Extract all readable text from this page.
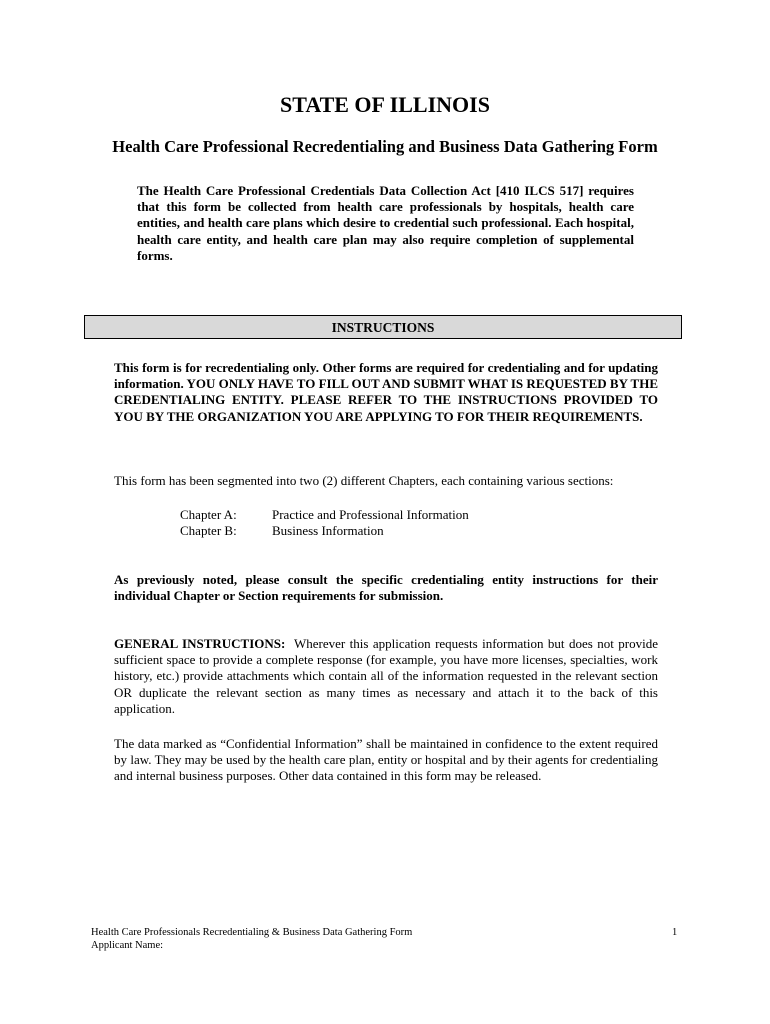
STATE OF ILLINOIS
Health Care Professional Recredentialing and Business Data Gathering Form
The Health Care Professional Credentials Data Collection Act [410 ILCS 517] requires that this form be collected from health care professionals by hospitals, health care entities, and health care plans which desire to credential such professional. Each hospital, health care entity, and health care plan may also require completion of supplemental forms.
INSTRUCTIONS
This form is for recredentialing only. Other forms are required for credentialing and for updating information. YOU ONLY HAVE TO FILL OUT AND SUBMIT WHAT IS REQUESTED BY THE CREDENTIALING ENTITY. PLEASE REFER TO THE INSTRUCTIONS PROVIDED TO YOU BY THE ORGANIZATION YOU ARE APPLYING TO FOR THEIR REQUIREMENTS.
This form has been segmented into two (2) different Chapters, each containing various sections:
Chapter A:	Practice and Professional Information
Chapter B:	Business Information
As previously noted, please consult the specific credentialing entity instructions for their individual Chapter or Section requirements for submission.
GENERAL INSTRUCTIONS: Wherever this application requests information but does not provide sufficient space to provide a complete response (for example, you have more licenses, specialties, work history, etc.) provide attachments which contain all of the information requested in the relevant section OR duplicate the relevant section as many times as necessary and attach it to the back of this application.
The data marked as “Confidential Information” shall be maintained in confidence to the extent required by law. They may be used by the health care plan, entity or hospital and by their agents for credentialing and internal business purposes. Other data contained in this form may be released.
Health Care Professionals Recredentialing & Business Data Gathering Form
Applicant Name:
1
